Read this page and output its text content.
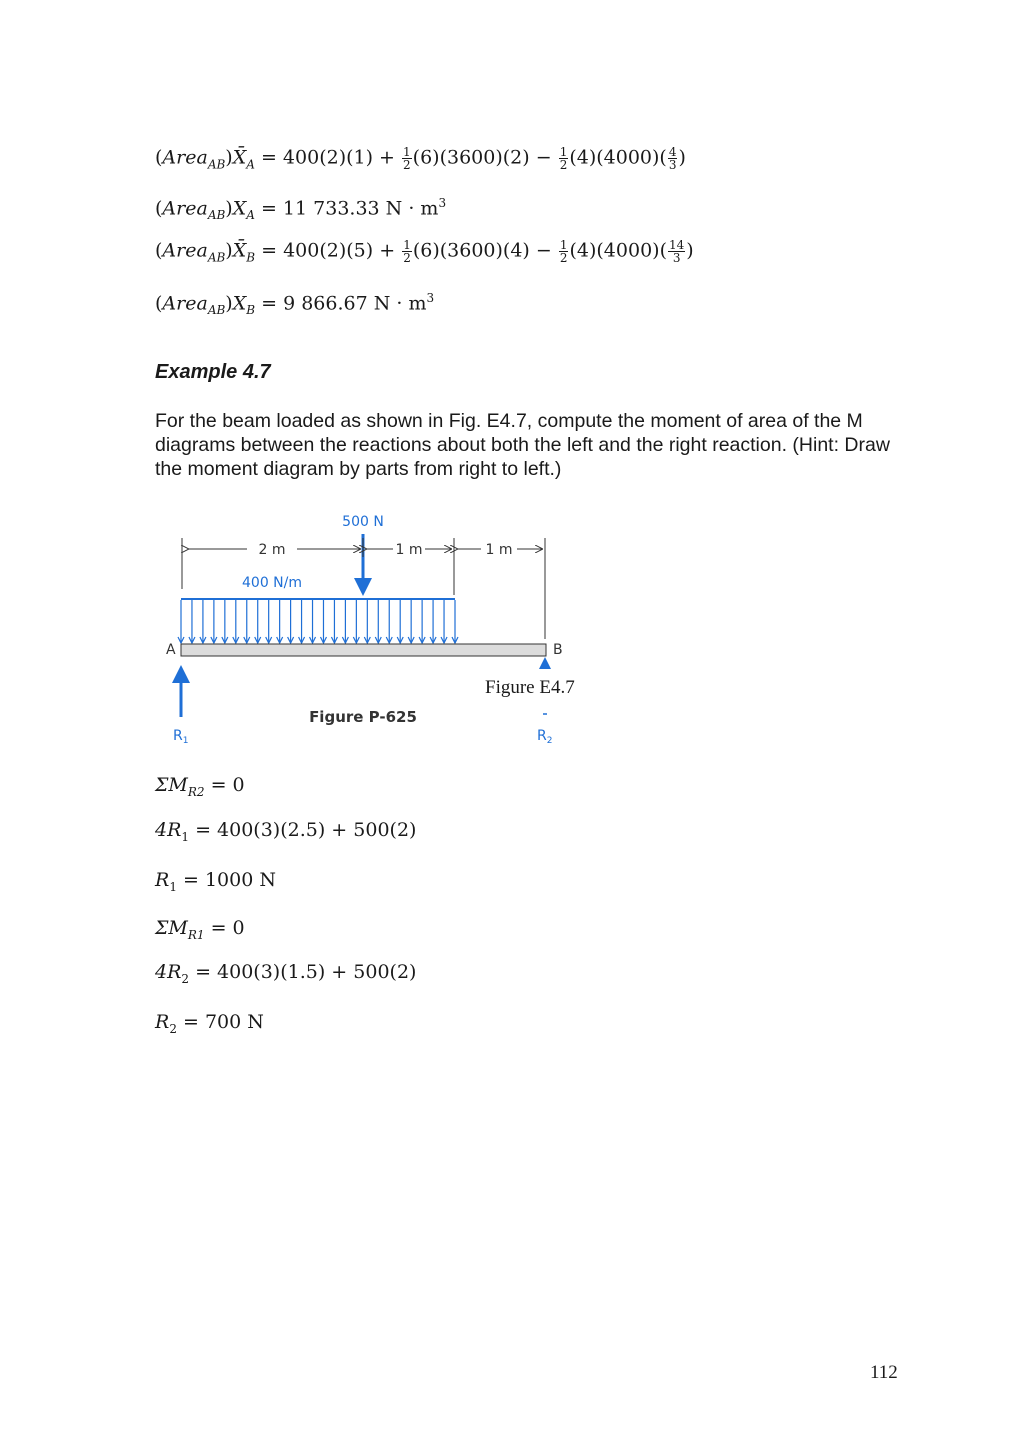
$(Area_{AB})X̄_A = 400(2)(1) + \frac{1}{2} (6)(3600)(2) - \frac{1}{2} (4)(4000)( \frac{4}{3}$ )
$(Area_{AB})X_A = 11$ 733.33 $N \cdot m^3$
$(Area_{AB})X̄_B = 400(2)(5) + \frac{1}{2} (6)(3600)(4) - \frac{1}{2} (4)(4000)( \frac{14}{3}$ )
$(Area_{AB})X_B = 9$ 866.67 $N \cdot m^3$
Example 4.7
For the beam loaded as shown in Fig. E4.7, compute the moment of area of the M diagrams between the reactions about both the left and the right reaction. (Hint: Draw the moment diagram by parts from right to left.)
500 N
2 m	1 m	1 m
400 N/m
A	B
$R_1$	$R_2$
Figure P-625
Figure E4.7
$\Sigma M_{R2} = 0$
$4R_1 = 400(3)(2.5) + 500(2)$
$R_1 = 1000$ N
$\Sigma M_{R1} = 0$
$4R_2 = 400(3)(1.5) + 500(2)$
$R_2 = 700$ N
112
